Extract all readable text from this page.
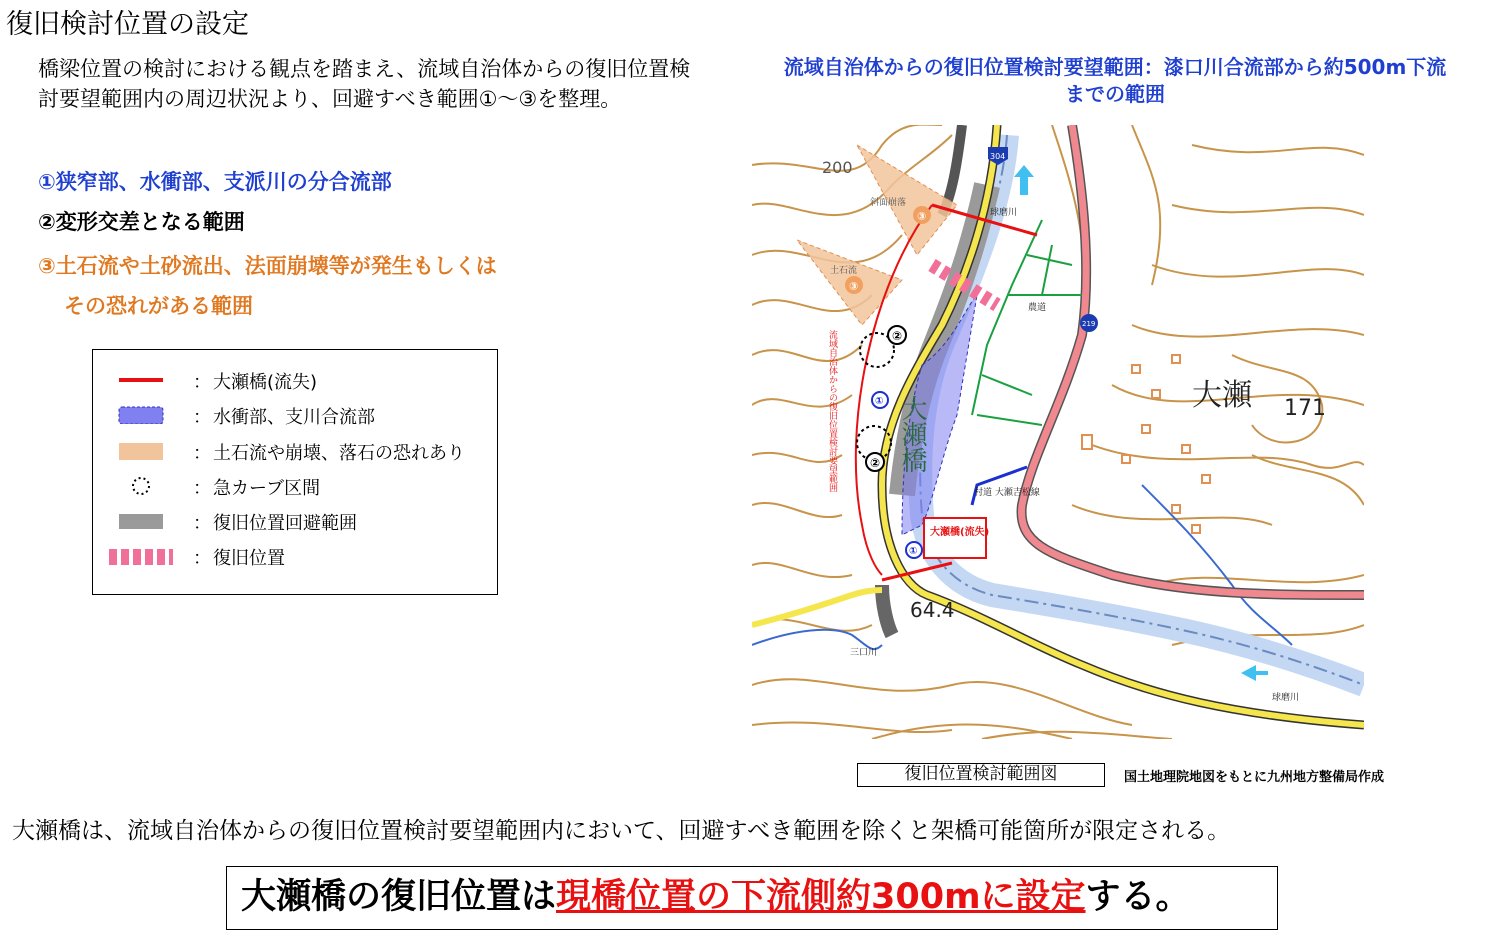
復旧検討位置の設定
橋梁位置の検討における観点を踏まえ、流域自治体からの復旧位置検討要望範囲内の周辺状況より、回避すべき範囲①～③を整理。
①狭窄部、水衝部、支派川の分合流部
②変形交差となる範囲
③土石流や土砂流出、法面崩壊等が発生もしくは
その恐れがある範囲
： 大瀬橋(流失)
： 水衝部、支川合流部
： 土石流や崩壊、落石の恐れあり
： 急カーブ区間
： 復旧位置回避範囲
： 復旧位置
流域自治体からの復旧位置検討要望範囲：漆口川合流部から約500m下流
までの範囲
大瀬 171
64.4
球磨川
農道
村道 大瀬吉松線
斜面崩落
土石流
200
304
219
大瀬橋(流失)
三口川
球磨川
②
②
①
①
③
③
大瀬橋
流域自治体からの復旧位置検討要望範囲
復旧位置検討範囲図	国土地理院地図をもとに九州地方整備局作成
大瀬橋は、流域自治体からの復旧位置検討要望範囲内において、回避すべき範囲を除くと架橋可能箇所が限定される。
大瀬橋の復旧位置は現橋位置の下流側約300mに設定する。
